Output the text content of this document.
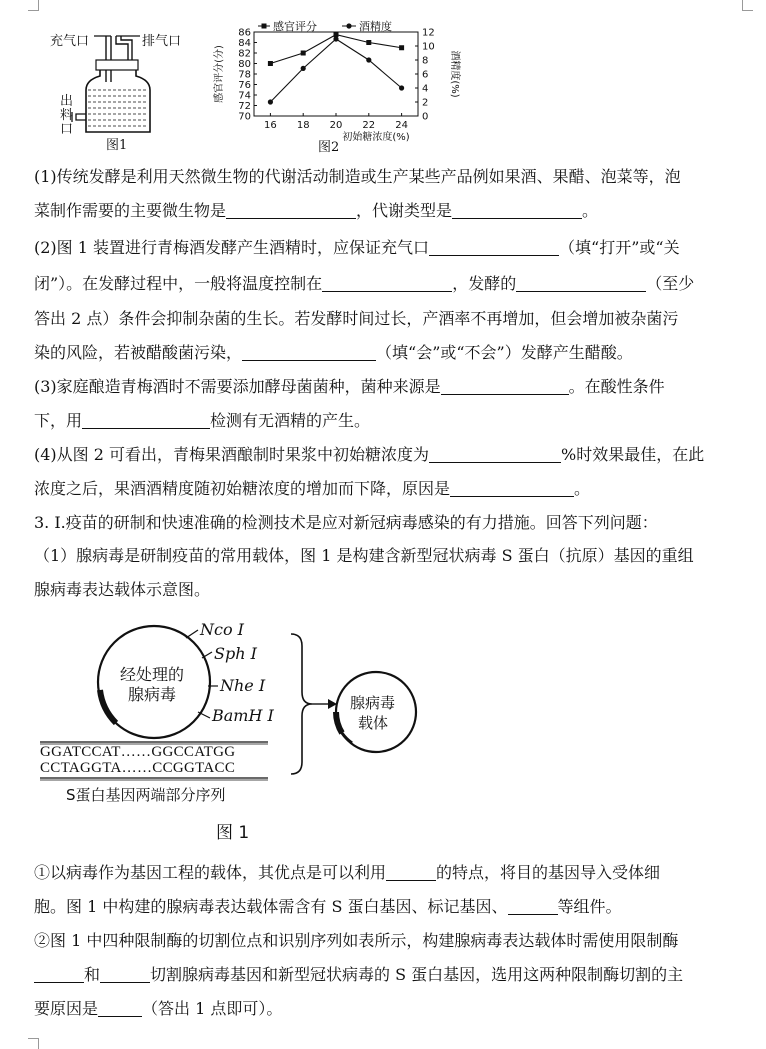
充气口	排气口
出
料
口
图1
86
84
82
80
78
76
74
72
70
12
10
8
6
4
2
0
16 18 20 22 24
感官评分(分)	酒精度(%)
初始糖浓度(%)
感官评分	酒精度
图2
(1)传统发酵是利用天然微生物的代谢活动制造或生产某些产品例如果酒、果醋、泡菜等，泡
菜制作需要的主要微生物是	，代谢类型是	。
(2)图 1 装置进行青梅酒发酵产生酒精时，应保证充气口	（填“打开”或“关
闭”）。在发酵过程中，一般将温度控制在	，发酵的	（至少
答出 2 点）条件会抑制杂菌的生长。若发酵时间过长，产酒率不再增加，但会增加被杂菌污
染的风险，若被醋酸菌污染，	（填“会”或“不会”）发酵产生醋酸。
(3)家庭酿造青梅酒时不需要添加酵母菌菌种，菌种来源是	。在酸性条件
下，用	检测有无酒精的产生。
(4)从图 2 可看出，青梅果酒酿制时果浆中初始糖浓度为	%时效果最佳，在此
浓度之后，果酒酒精度随初始糖浓度的增加而下降，原因是	。
3. Ⅰ.疫苗的研制和快速准确的检测技术是应对新冠病毒感染的有力措施。回答下列问题：
（1）腺病毒是研制疫苗的常用载体，图 1 是构建含新型冠状病毒 S 蛋白（抗原）基因的重组
腺病毒表达载体示意图。
经处理的
腺病毒
Nco Ⅰ
Sph Ⅰ
Nhe Ⅰ
BamH Ⅰ
腺病毒
载体
GGATCCAT……GGCCATGG
CCTAGGTA……CCGGTACC
S蛋白基因两端部分序列
图 1
①以病毒作为基因工程的载体，其优点是可以利用	的特点，将目的基因导入受体细
胞。图 1 中构建的腺病毒表达载体需含有 S 蛋白基因、标记基因、	等组件。
②图 1 中四种限制酶的切割位点和识别序列如表所示，构建腺病毒表达载体时需使用限制酶
和	切割腺病毒基因和新型冠状病毒的 S 蛋白基因，选用这两种限制酶切割的主
要原因是	（答出 1 点即可）。
